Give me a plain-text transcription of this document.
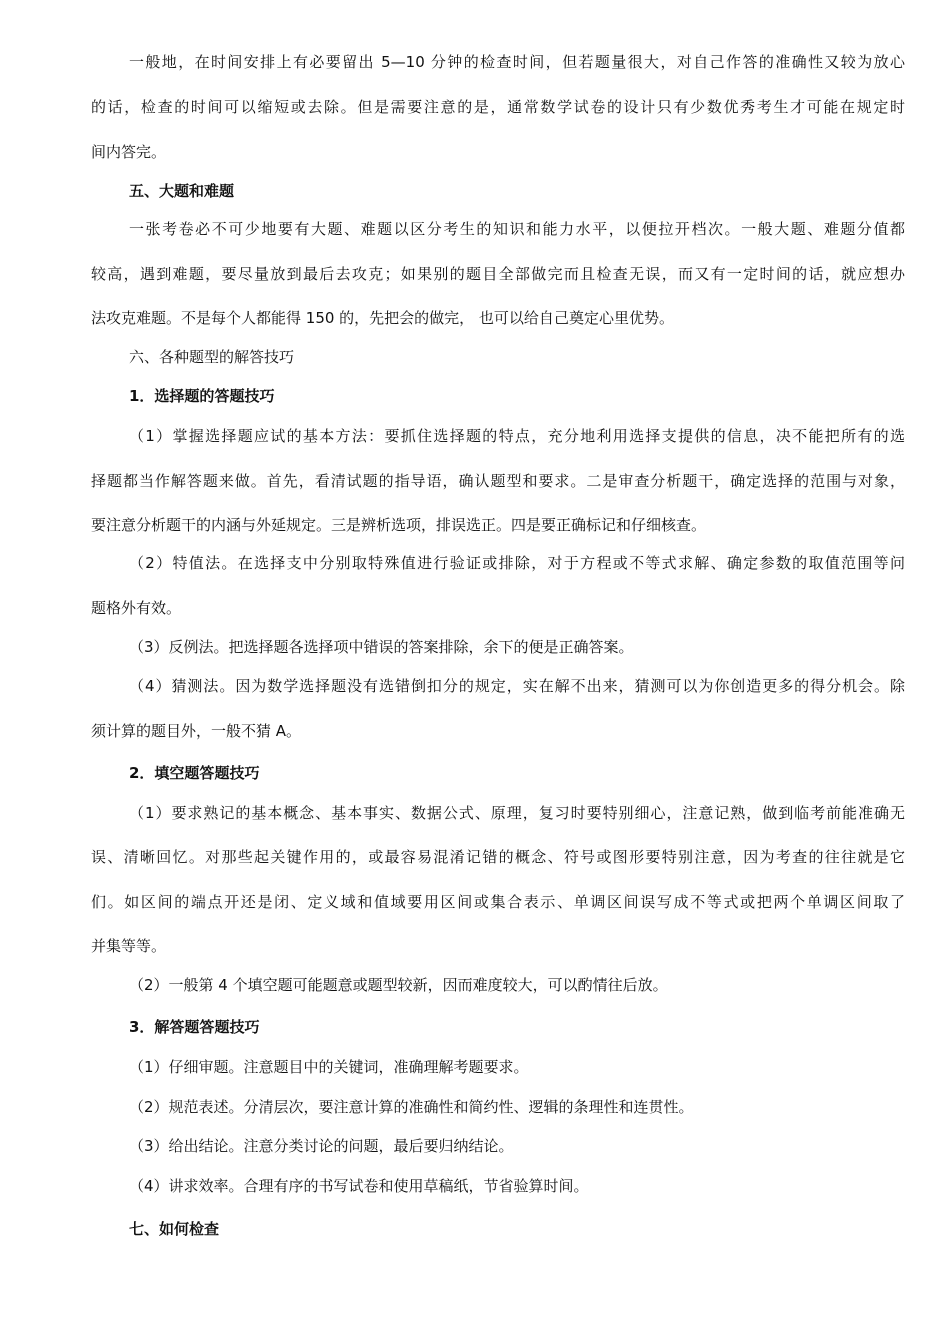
一般地，在时间安排上有必要留出 5—10 分钟的检查时间，但若题量很大，对自己作答的准确性又较为放心
的话，检查的时间可以缩短或去除。但是需要注意的是，通常数学试卷的设计只有少数优秀考生才可能在规定时
间内答完。
五、大题和难题
一张考卷必不可少地要有大题、难题以区分考生的知识和能力水平，以便拉开档次。一般大题、难题分值都
较高，遇到难题，要尽量放到最后去攻克；如果别的题目全部做完而且检查无误，而又有一定时间的话，就应想办
法攻克难题。不是每个人都能得 150 的，先把会的做完， 也可以给自己奠定心里优势。
六、各种题型的解答技巧
1．选择题的答题技巧
（1）掌握选择题应试的基本方法：要抓住选择题的特点，充分地利用选择支提供的信息，决不能把所有的选
择题都当作解答题来做。首先，看清试题的指导语，确认题型和要求。二是审查分析题干，确定选择的范围与对象，
要注意分析题干的内涵与外延规定。三是辨析选项，排误选正。四是要正确标记和仔细核查。
（2）特值法。在选择支中分别取特殊值进行验证或排除，对于方程或不等式求解、确定参数的取值范围等问
题格外有效。
（3）反例法。把选择题各选择项中错误的答案排除，余下的便是正确答案。
（4）猜测法。因为数学选择题没有选错倒扣分的规定，实在解不出来，猜测可以为你创造更多的得分机会。除
须计算的题目外，一般不猜 A。
2．填空题答题技巧
（1）要求熟记的基本概念、基本事实、数据公式、原理，复习时要特别细心，注意记熟，做到临考前能准确无
误、清晰回忆。对那些起关键作用的，或最容易混淆记错的概念、符号或图形要特别注意，因为考查的往往就是它
们。如区间的端点开还是闭、定义域和值域要用区间或集合表示、单调区间误写成不等式或把两个单调区间取了
并集等等。
（2）一般第 4 个填空题可能题意或题型较新，因而难度较大，可以酌情往后放。
3．解答题答题技巧
（1）仔细审题。注意题目中的关键词，准确理解考题要求。
（2）规范表述。分清层次，要注意计算的准确性和简约性、逻辑的条理性和连贯性。
（3）给出结论。注意分类讨论的问题，最后要归纳结论。
（4）讲求效率。合理有序的书写试卷和使用草稿纸，节省验算时间。
七、如何检查
